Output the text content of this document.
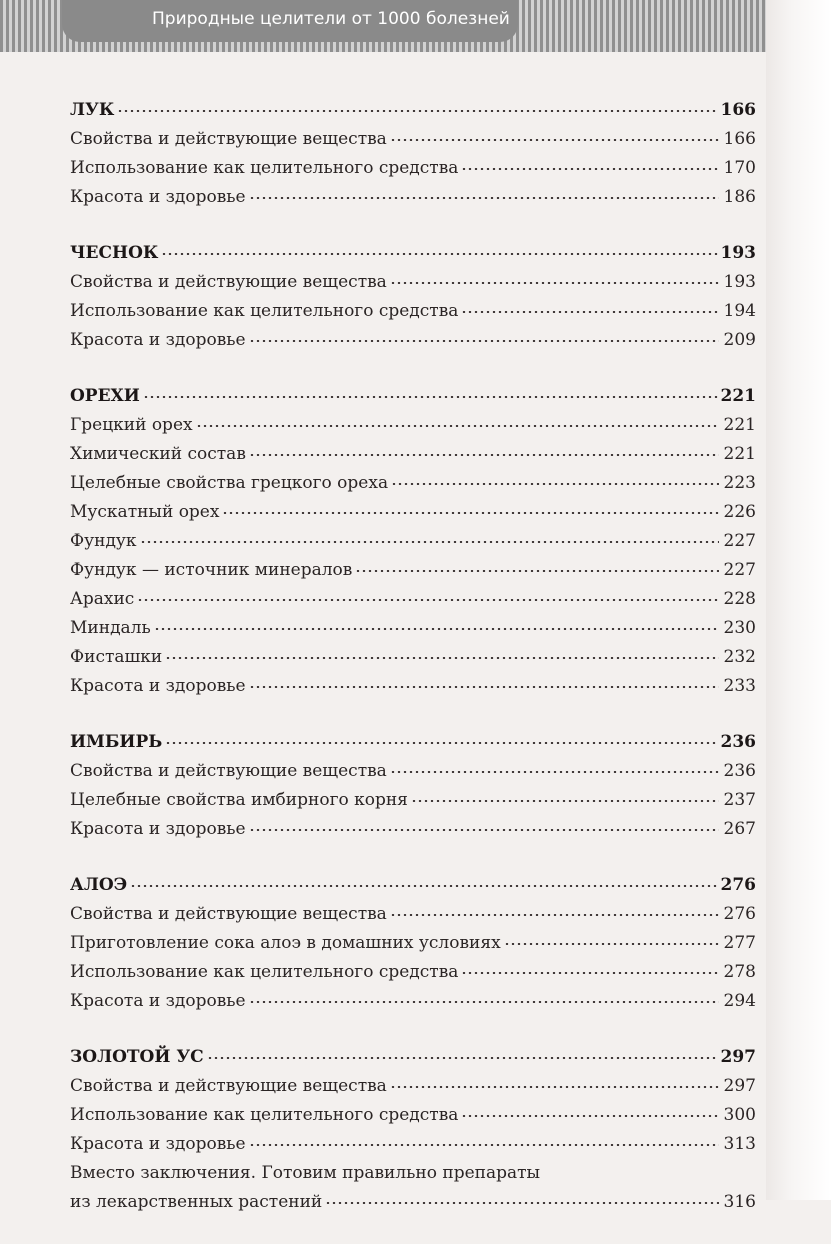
Природные целители от 1000 болезней
ЛУК	166
Свойства и действующие вещества	166
Использование как целительного средства	170
Красота и здоровье	186
ЧЕСНОК	193
Свойства и действующие вещества	193
Использование как целительного средства	194
Красота и здоровье	209
ОРЕХИ	221
Грецкий орех	221
Химический состав	221
Целебные свойства грецкого ореха	223
Мускатный орех	226
Фундук	227
Фундук — источник минералов	227
Арахис	228
Миндаль	230
Фисташки	232
Красота и здоровье	233
ИМБИРЬ	236
Свойства и действующие вещества	236
Целебные свойства имбирного корня	237
Красота и здоровье	267
АЛОЭ	276
Свойства и действующие вещества	276
Приготовление сока алоэ в домашних условиях	277
Использование как целительного средства	278
Красота и здоровье	294
ЗОЛОТОЙ УС	297
Свойства и действующие вещества	297
Использование как целительного средства	300
Красота и здоровье	313
Вместо заключения. Готовим правильно препараты
из лекарственных растений	316
